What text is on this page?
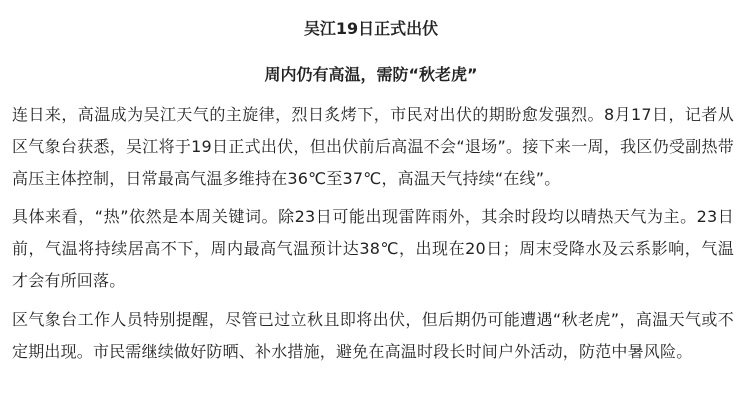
吴江19日正式出伏
周内仍有高温，需防“秋老虎”

连日来，高温成为吴江天气的主旋律，烈日炙烤下，市民对出伏的期盼愈发强烈。8月17日，记者从区气象台获悉，吴江将于19日正式出伏，但出伏前后高温不会“退场”。接下来一周，我区仍受副热带高压主体控制，日常最高气温多维持在36℃至37℃，高温天气持续“在线”。

具体来看，“热”依然是本周关键词。除23日可能出现雷阵雨外，其余时段均以晴热天气为主。23日前，气温将持续居高不下，周内最高气温预计达38℃，出现在20日；周末受降水及云系影响，气温才会有所回落。

区气象台工作人员特别提醒，尽管已过立秋且即将出伏，但后期仍可能遭遇“秋老虎”，高温天气或不定期出现。市民需继续做好防晒、补水措施，避免在高温时段长时间户外活动，防范中暑风险。
